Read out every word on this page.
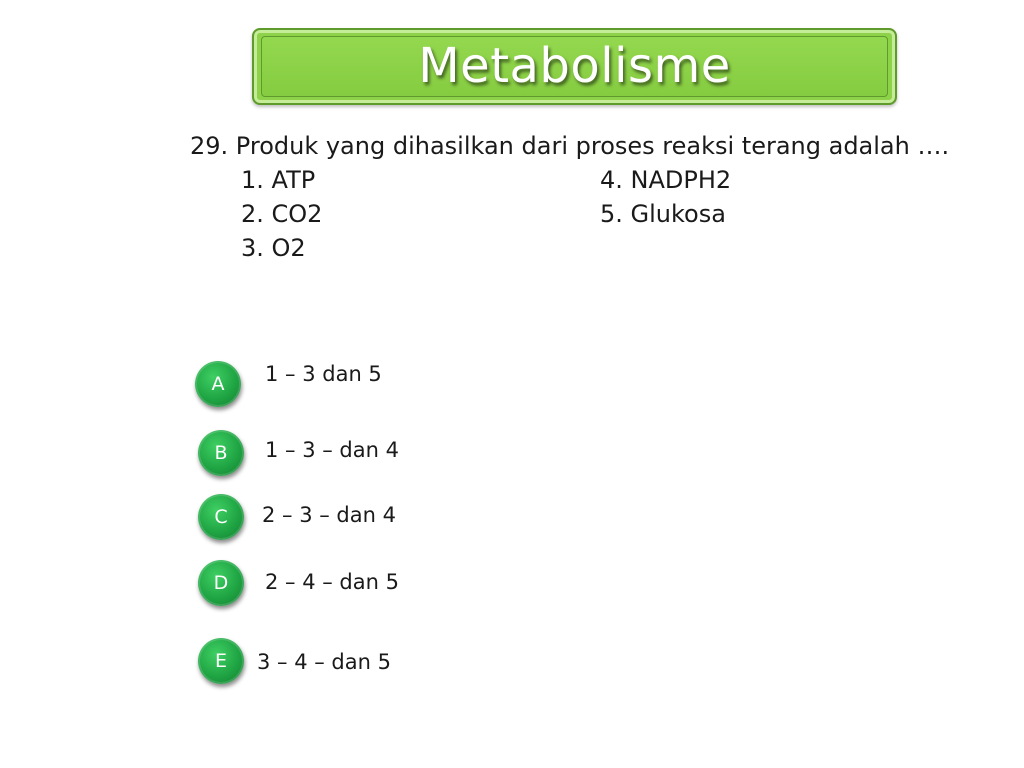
Metabolisme
29. Produk yang dihasilkan dari proses reaksi terang adalah ….
1. ATP
2. CO2
3. O2
4. NADPH2
5. Glukosa
A	1 – 3 dan 5
B	1 – 3 – dan 4
C	2 – 3 – dan 4
D	2 – 4 – dan 5
E	3 – 4 – dan 5
